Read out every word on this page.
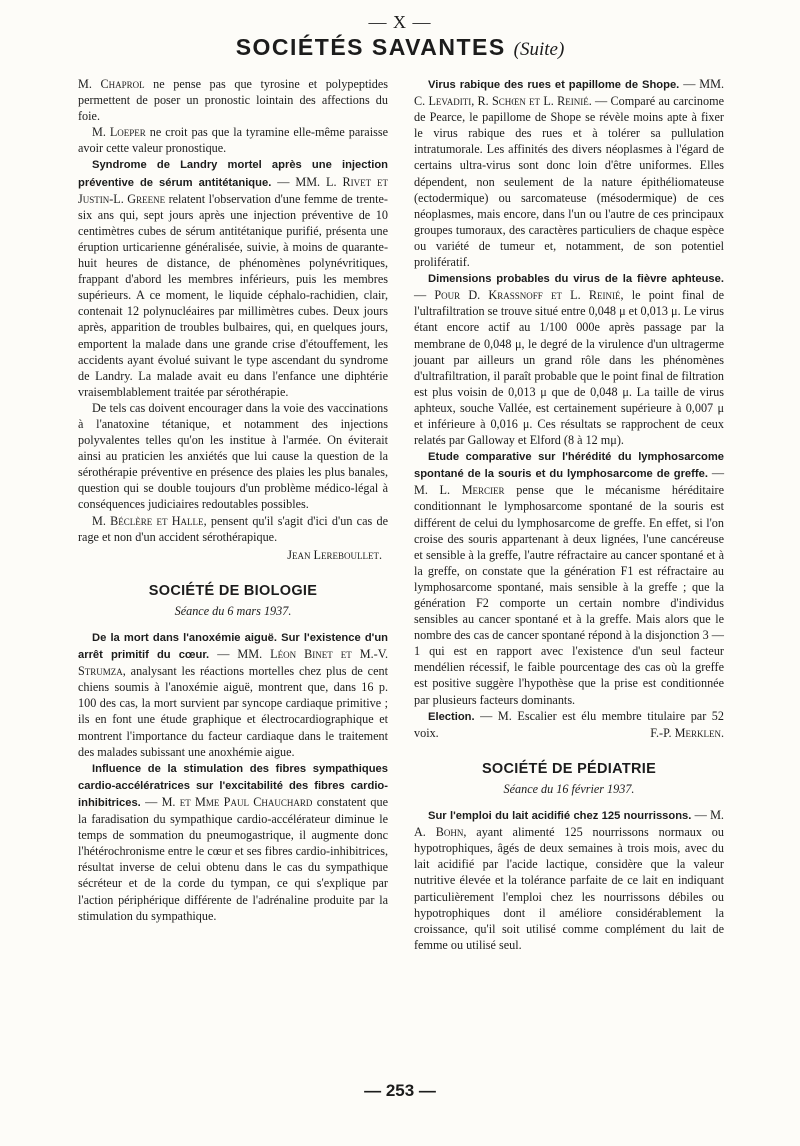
— X —
SOCIÉTÉS SAVANTES (Suite)

M. Chaprol ne pense pas que tyrosine et polypeptides permettent de poser un pronostic lointain des affections du foie.

M. Loeper ne croit pas que la tyramine elle-même paraisse avoir cette valeur pronostique.

Syndrome de Landry mortel après une injection préventive de sérum antitétanique. — MM. L. Rivet et Justin-L. Greene relatent l'observation d'une femme de trente-six ans qui, sept jours après une injection préventive de 10 centimètres cubes de sérum antitétanique purifié, présenta une éruption urticarienne généralisée, suivie, à moins de quarante-huit heures de distance, de phénomènes polynévritiques, frappant d'abord les membres inférieurs, puis les membres supérieurs. A ce moment, le liquide céphalo-rachidien, clair, contenait 12 polynucléaires par millimètres cubes. Deux jours après, apparition de troubles bulbaires, qui, en quelques jours, emportent la malade dans une grande crise d'étouffement, les accidents ayant évolué suivant le type ascendant du syndrome de Landry. La malade avait eu dans l'enfance une diphtérie vraisemblablement traitée par sérothérapie.

De tels cas doivent encourager dans la voie des vaccinations à l'anatoxine tétanique, et notamment des injections polyvalentes telles qu'on les institue à l'armée. On éviterait ainsi au praticien les anxiétés que lui cause la question de la sérothérapie préventive en présence des plaies les plus banales, question qui se double toujours d'un problème médico-légal à conséquences judiciaires redoutables possibles.

M. Béclère et Halle, pensent qu'il s'agit d'ici d'un cas de rage et non d'un accident sérothérapique.

Jean Lereboullet.
SOCIÉTÉ DE BIOLOGIE
Séance du 6 mars 1937.

De la mort dans l'anoxémie aiguë. Sur l'existence d'un arrêt primitif du cœur. — MM. Léon Binet et M.-V. Strumza, analysant les réactions mortelles chez plus de cent chiens soumis à l'anoxémie aiguë, montrent que, dans 16 p. 100 des cas, la mort survient par syncope cardiaque primitive ; ils en font une étude graphique et électrocardiographique et montrent l'importance du facteur cardiaque dans le traitement des malades subissant une anoxhémie aigue.

Influence de la stimulation des fibres sympathiques cardio-accélératrices sur l'excitabilité des fibres cardio-inhibitrices. — M. et Mme Paul Chauchard constatent que la faradisation du sympathique cardio-accélérateur diminue le temps de sommation du pneumogastrique, il augmente donc l'hétérochronisme entre le cœur et ses fibres cardio-inhibitrices, résultat inverse de celui obtenu dans le cas du sympathique sécréteur et de la corde du tympan, ce qui s'explique par l'action périphérique différente de l'adrénaline produite par la stimulation du sympathique.

Virus rabique des rues et papillome de Shope. — MM. C. Levaditi, R. Schœn et L. Reinié. — Comparé au carcinome de Pearce, le papillome de Shope se révèle moins apte à fixer le virus rabique des rues et à tolérer sa pullulation intratumorale. Les affinités des divers néoplasmes à l'égard de certains ultra-virus sont donc loin d'être uniformes. Elles dépendent, non seulement de la nature épithéliomateuse (ectodermique) ou sarcomateuse (mésodermique) de ces néoplasmes, mais encore, dans l'un ou l'autre de ces principaux groupes tumoraux, des caractères particuliers de chaque espèce ou variété de tumeur et, notamment, de son potentiel prolifératif.

Dimensions probables du virus de la fièvre aphteuse. — Pour D. Krassnoff et L. Reinié, le point final de l'ultrafiltration se trouve situé entre 0,048 μ et 0,013 μ. Le virus étant encore actif au 1/100 000e après passage par la membrane de 0,048 μ, le degré de la virulence d'un ultragerme jouant par ailleurs un grand rôle dans les phénomènes d'ultrafiltration, il paraît probable que le point final de filtration est plus voisin de 0,013 μ que de 0,048 μ. La taille de virus aphteux, souche Vallée, est certainement supérieure à 0,007 μ et inférieure à 0,016 μ. Ces résultats se rapprochent de ceux relatés par Galloway et Elford (8 à 12 mμ).

Etude comparative sur l'hérédité du lymphosarcome spontané de la souris et du lymphosarcome de greffe. — M. L. Mercier pense que le mécanisme héréditaire conditionnant le lymphosarcome spontané de la souris est différent de celui du lymphosarcome de greffe. En effet, si l'on croise des souris appartenant à deux lignées, l'une cancéreuse et sensible à la greffe, l'autre réfractaire au cancer spontané et à la greffe, on constate que la génération F1 est réfractaire au lymphosarcome spontané, mais sensible à la greffe ; que la génération F2 comporte un certain nombre d'individus sensibles au cancer spontané et à la greffe. Mais alors que le nombre des cas de cancer spontané répond à la disjonction 3 — 1 qui est en rapport avec l'existence d'un seul facteur mendélien récessif, le faible pourcentage des cas où la greffe est positive suggère l'hypothèse que la prise est conditionnée par plusieurs facteurs dominants.

Election. — M. Escalier est élu membre titulaire par 52 voix.	F.-P. Merklen.

SOCIÉTÉ DE PÉDIATRIE
Séance du 16 février 1937.

Sur l'emploi du lait acidifié chez 125 nourrissons. — M. A. Bohn, ayant alimenté 125 nourrissons normaux ou hypotrophiques, âgés de deux semaines à trois mois, avec du lait acidifié par l'acide lactique, considère que la valeur nutritive élevée et la tolérance parfaite de ce lait en indiquant particulièrement l'emploi chez les nourrissons débiles ou hypotrophiques dont il améliore considérablement la croissance, qu'il soit utilisé comme complément du lait de femme ou utilisé seul.

— 253 —
